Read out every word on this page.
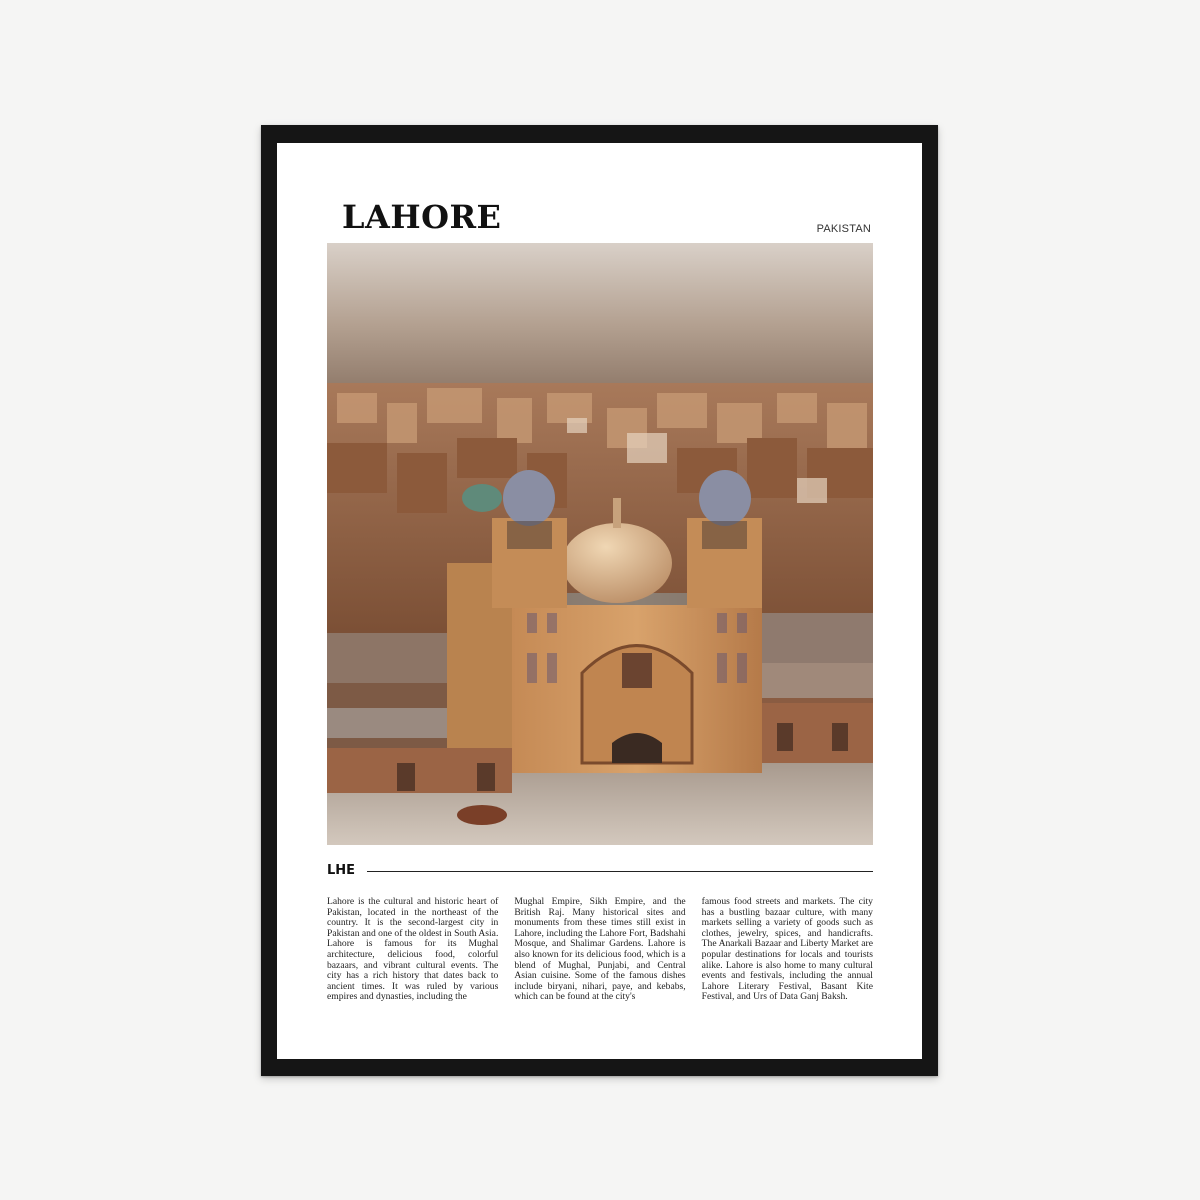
LAHORE	PAKISTAN
LHE

Lahore is the cultural and historic heart of Pakistan, located in the northeast of the country. It is the second-largest city in Pakistan and one of the oldest in South Asia. Lahore is famous for its Mughal architecture, delicious food, colorful bazaars, and vibrant cultural events. The city has a rich history that dates back to ancient times. It was ruled by various empires and dynasties, including the

Mughal Empire, Sikh Empire, and the British Raj. Many historical sites and monuments from these times still exist in Lahore, including the Lahore Fort, Badshahi Mosque, and Shalimar Gardens. Lahore is also known for its delicious food, which is a blend of Mughal, Punjabi, and Central Asian cuisine. Some of the famous dishes include biryani, nihari, paye, and kebabs, which can be found at the city's

famous food streets and markets. The city has a bustling bazaar culture, with many markets selling a variety of goods such as clothes, jewelry, spices, and handicrafts. The Anarkali Bazaar and Liberty Market are popular destinations for locals and tourists alike. Lahore is also home to many cultural events and festivals, including the annual Lahore Literary Festival, Basant Kite Festival, and Urs of Data Ganj Baksh.
